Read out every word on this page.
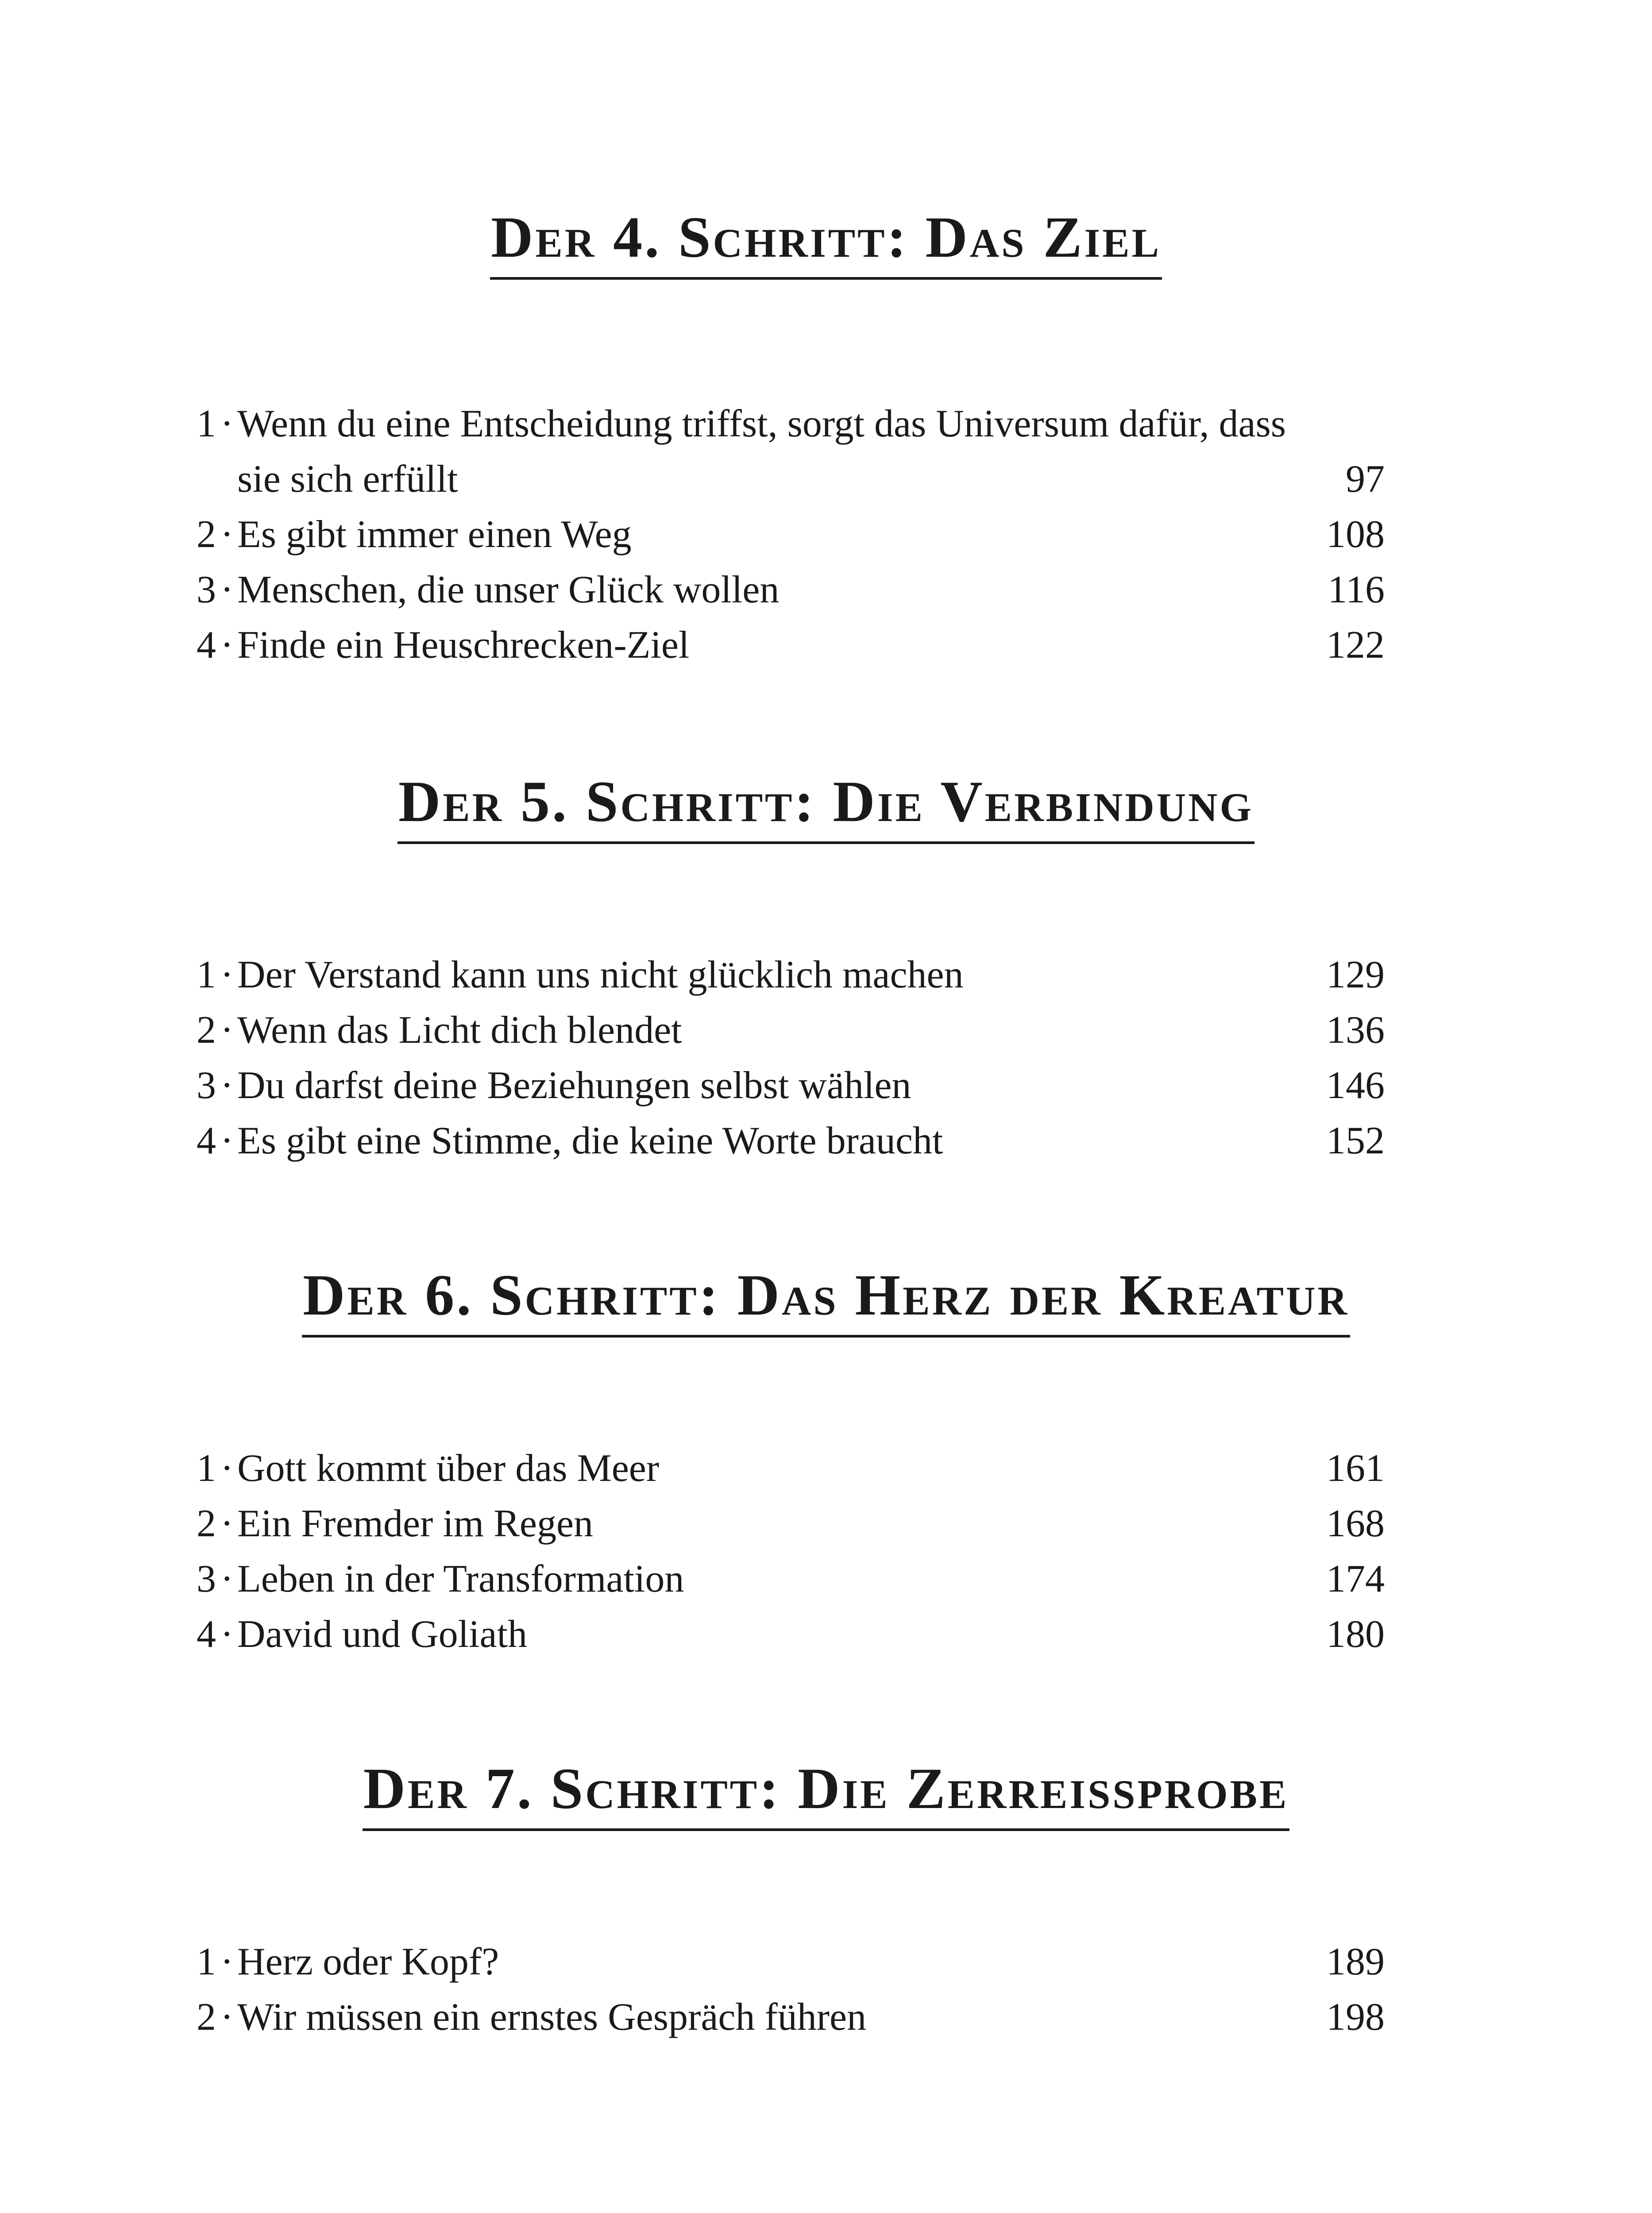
Der 4. Schritt: Das Ziel
1 · Wenn du eine Entscheidung triffst, sorgt das Universum dafür, dass sie sich erfüllt	97
2 · Es gibt immer einen Weg	108
3 · Menschen, die unser Glück wollen	116
4 · Finde ein Heuschrecken-Ziel	122
Der 5. Schritt: Die Verbindung
1 · Der Verstand kann uns nicht glücklich machen	129
2 · Wenn das Licht dich blendet	136
3 · Du darfst deine Beziehungen selbst wählen	146
4 · Es gibt eine Stimme, die keine Worte braucht	152
Der 6. Schritt: Das Herz der Kreatur
1 · Gott kommt über das Meer	161
2 · Ein Fremder im Regen	168
3 · Leben in der Transformation	174
4 · David und Goliath	180
Der 7. Schritt: Die Zerreissprobe
1 · Herz oder Kopf?	189
2 · Wir müssen ein ernstes Gespräch führen	198
